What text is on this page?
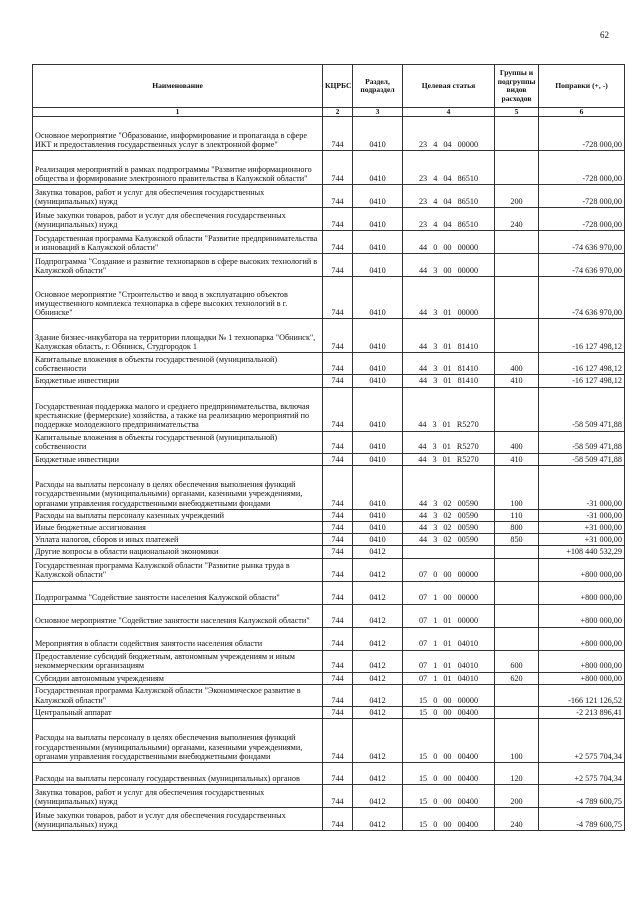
62
Наименование	КЦРБС	Раздел, подраздел	Целевая статья	Группы и подгруппы видов расходов	Поправки (+, -)
1	2	3	4	5	6
Основное мероприятие "Образование, информирование и пропаганда в сфере ИКТ и предоставления государственных услуг в электронной форме"	744	0410	23 4 04 00000		-728 000,00
Реализация мероприятий в рамках подпрограммы "Развитие информационного общества и формирование электронного правительства в Калужской области"	744	0410	23 4 04 86510		-728 000,00
Закупка товаров, работ и услуг для обеспечения государственных (муниципальных) нужд	744	0410	23 4 04 86510	200	-728 000,00
Иные закупки товаров, работ и услуг для обеспечения государственных (муниципальных) нужд	744	0410	23 4 04 86510	240	-728 000,00
Государственная программа Калужской области "Развитие предпринимательства и инноваций в Калужской области"	744	0410	44 0 00 00000		-74 636 970,00
Подпрограмма "Создание и развитие технопарков в сфере высоких технологий в Калужской области"	744	0410	44 3 00 00000		-74 636 970,00
Основное мероприятие "Строительство и ввод в эксплуатацию объектов имущественного комплекса технопарка в сфере высоких технологий в г. Обнинске"	744	0410	44 3 01 00000		-74 636 970,00
Здание бизнес-инкубатора на территории площадки № 1 технопарка "Обнинск", Калужская область, г. Обнинск, Студгородок 1	744	0410	44 3 01 81410		-16 127 498,12
Капитальные вложения в объекты государственной (муниципальной) собственности	744	0410	44 3 01 81410	400	-16 127 498,12
Бюджетные инвестиции	744	0410	44 3 01 81410	410	-16 127 498,12
Государственная поддержка малого и среднего предпринимательства, включая крестьянские (фермерские) хозяйства, а также на реализацию мероприятий по поддержке молодежного предпринимательства	744	0410	44 3 01 R5270		-58 509 471,88
Капитальные вложения в объекты государственной (муниципальной) собственности	744	0410	44 3 01 R5270	400	-58 509 471,88
Бюджетные инвестиции	744	0410	44 3 01 R5270	410	-58 509 471,88
Расходы на выплаты персоналу в целях обеспечения выполнения функций государственными (муниципальными) органами, казенными учреждениями, органами управления государственными внебюджетными фондами	744	0410	44 3 02 00590	100	-31 000,00
Расходы на выплаты персоналу казенных учреждений	744	0410	44 3 02 00590	110	-31 000,00
Иные бюджетные ассигнования	744	0410	44 3 02 00590	800	+31 000,00
Уплата налогов, сборов и иных платежей	744	0410	44 3 02 00590	850	+31 000,00
Другие вопросы в области национальной экономики	744	0412			+108 440 532,29
Государственная программа Калужской области "Развитие рынка труда в Калужской области"	744	0412	07 0 00 00000		+800 000,00
Подпрограмма "Содействие занятости населения Калужской области"	744	0412	07 1 00 00000		+800 000,00
Основное мероприятие "Содействие занятости населения Калужской области"	744	0412	07 1 01 00000		+800 000,00
Мероприятия в области содействия занятости населения области	744	0412	07 1 01 04010		+800 000,00
Предоставление субсидий бюджетным, автономным учреждениям и иным некоммерческим организациям	744	0412	07 1 01 04010	600	+800 000,00
Субсидии автономным учреждениям	744	0412	07 1 01 04010	620	+800 000,00
Государственная программа Калужской области "Экономическое развитие в Калужской области"	744	0412	15 0 00 00000		-166 121 126,52
Центральный аппарат	744	0412	15 0 00 00400		-2 213 896,41
Расходы на выплаты персоналу в целях обеспечения выполнения функций государственными (муниципальными) органами, казенными учреждениями, органами управления государственными внебюджетными фондами	744	0412	15 0 00 00400	100	+2 575 704,34
Расходы на выплаты персоналу государственных (муниципальных) органов	744	0412	15 0 00 00400	120	+2 575 704,34
Закупка товаров, работ и услуг для обеспечения государственных (муниципальных) нужд	744	0412	15 0 00 00400	200	-4 789 600,75
Иные закупки товаров, работ и услуг для обеспечения государственных (муниципальных) нужд	744	0412	15 0 00 00400	240	-4 789 600,75
